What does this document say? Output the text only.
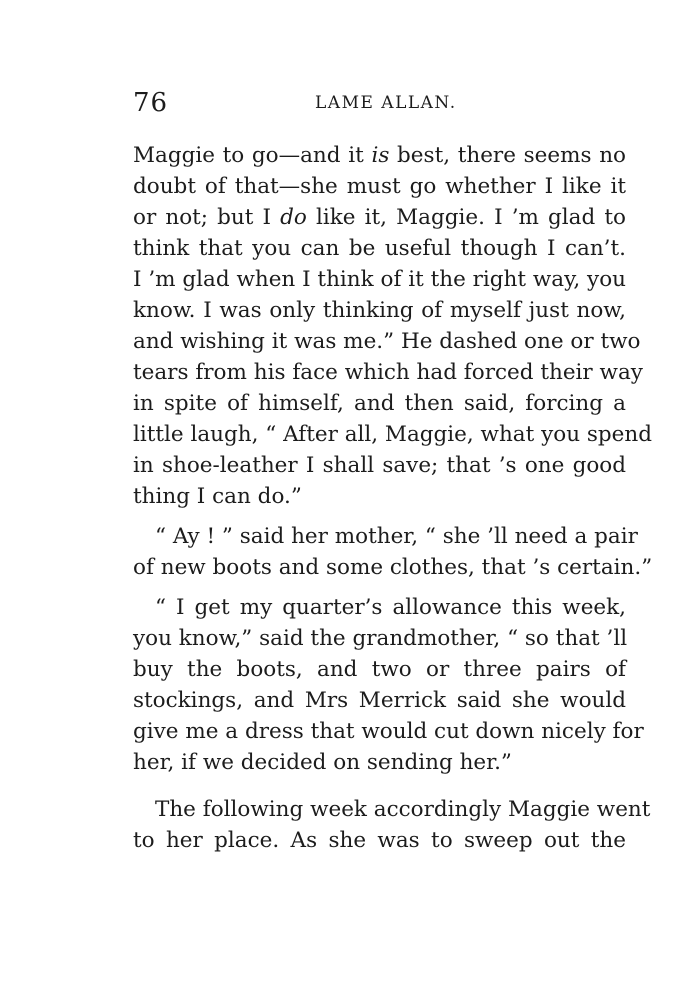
76	LAME ALLAN.
Maggie to go—and it is best, there seems no
doubt of that—she must go whether I like it
or not; but I do like it, Maggie. I ’m glad to
think that you can be useful though I can’t.
I ’m glad when I think of it the right way, you
know. I was only thinking of myself just now,
and wishing it was me.” He dashed one or two
tears from his face which had forced their way
in spite of himself, and then said, forcing a
little laugh, “ After all, Maggie, what you spend
in shoe-leather I shall save; that ’s one good
thing I can do.”
“ Ay ! ” said her mother, “ she ’ll need a pair
of new boots and some clothes, that ’s certain.”
“ I get my quarter’s allowance this week,
you know,” said the grandmother, “ so that ’ll
buy the boots, and two or three pairs of
stockings, and Mrs Merrick said she would
give me a dress that would cut down nicely for
her, if we decided on sending her.”
The following week accordingly Maggie went
to her place. As she was to sweep out the
